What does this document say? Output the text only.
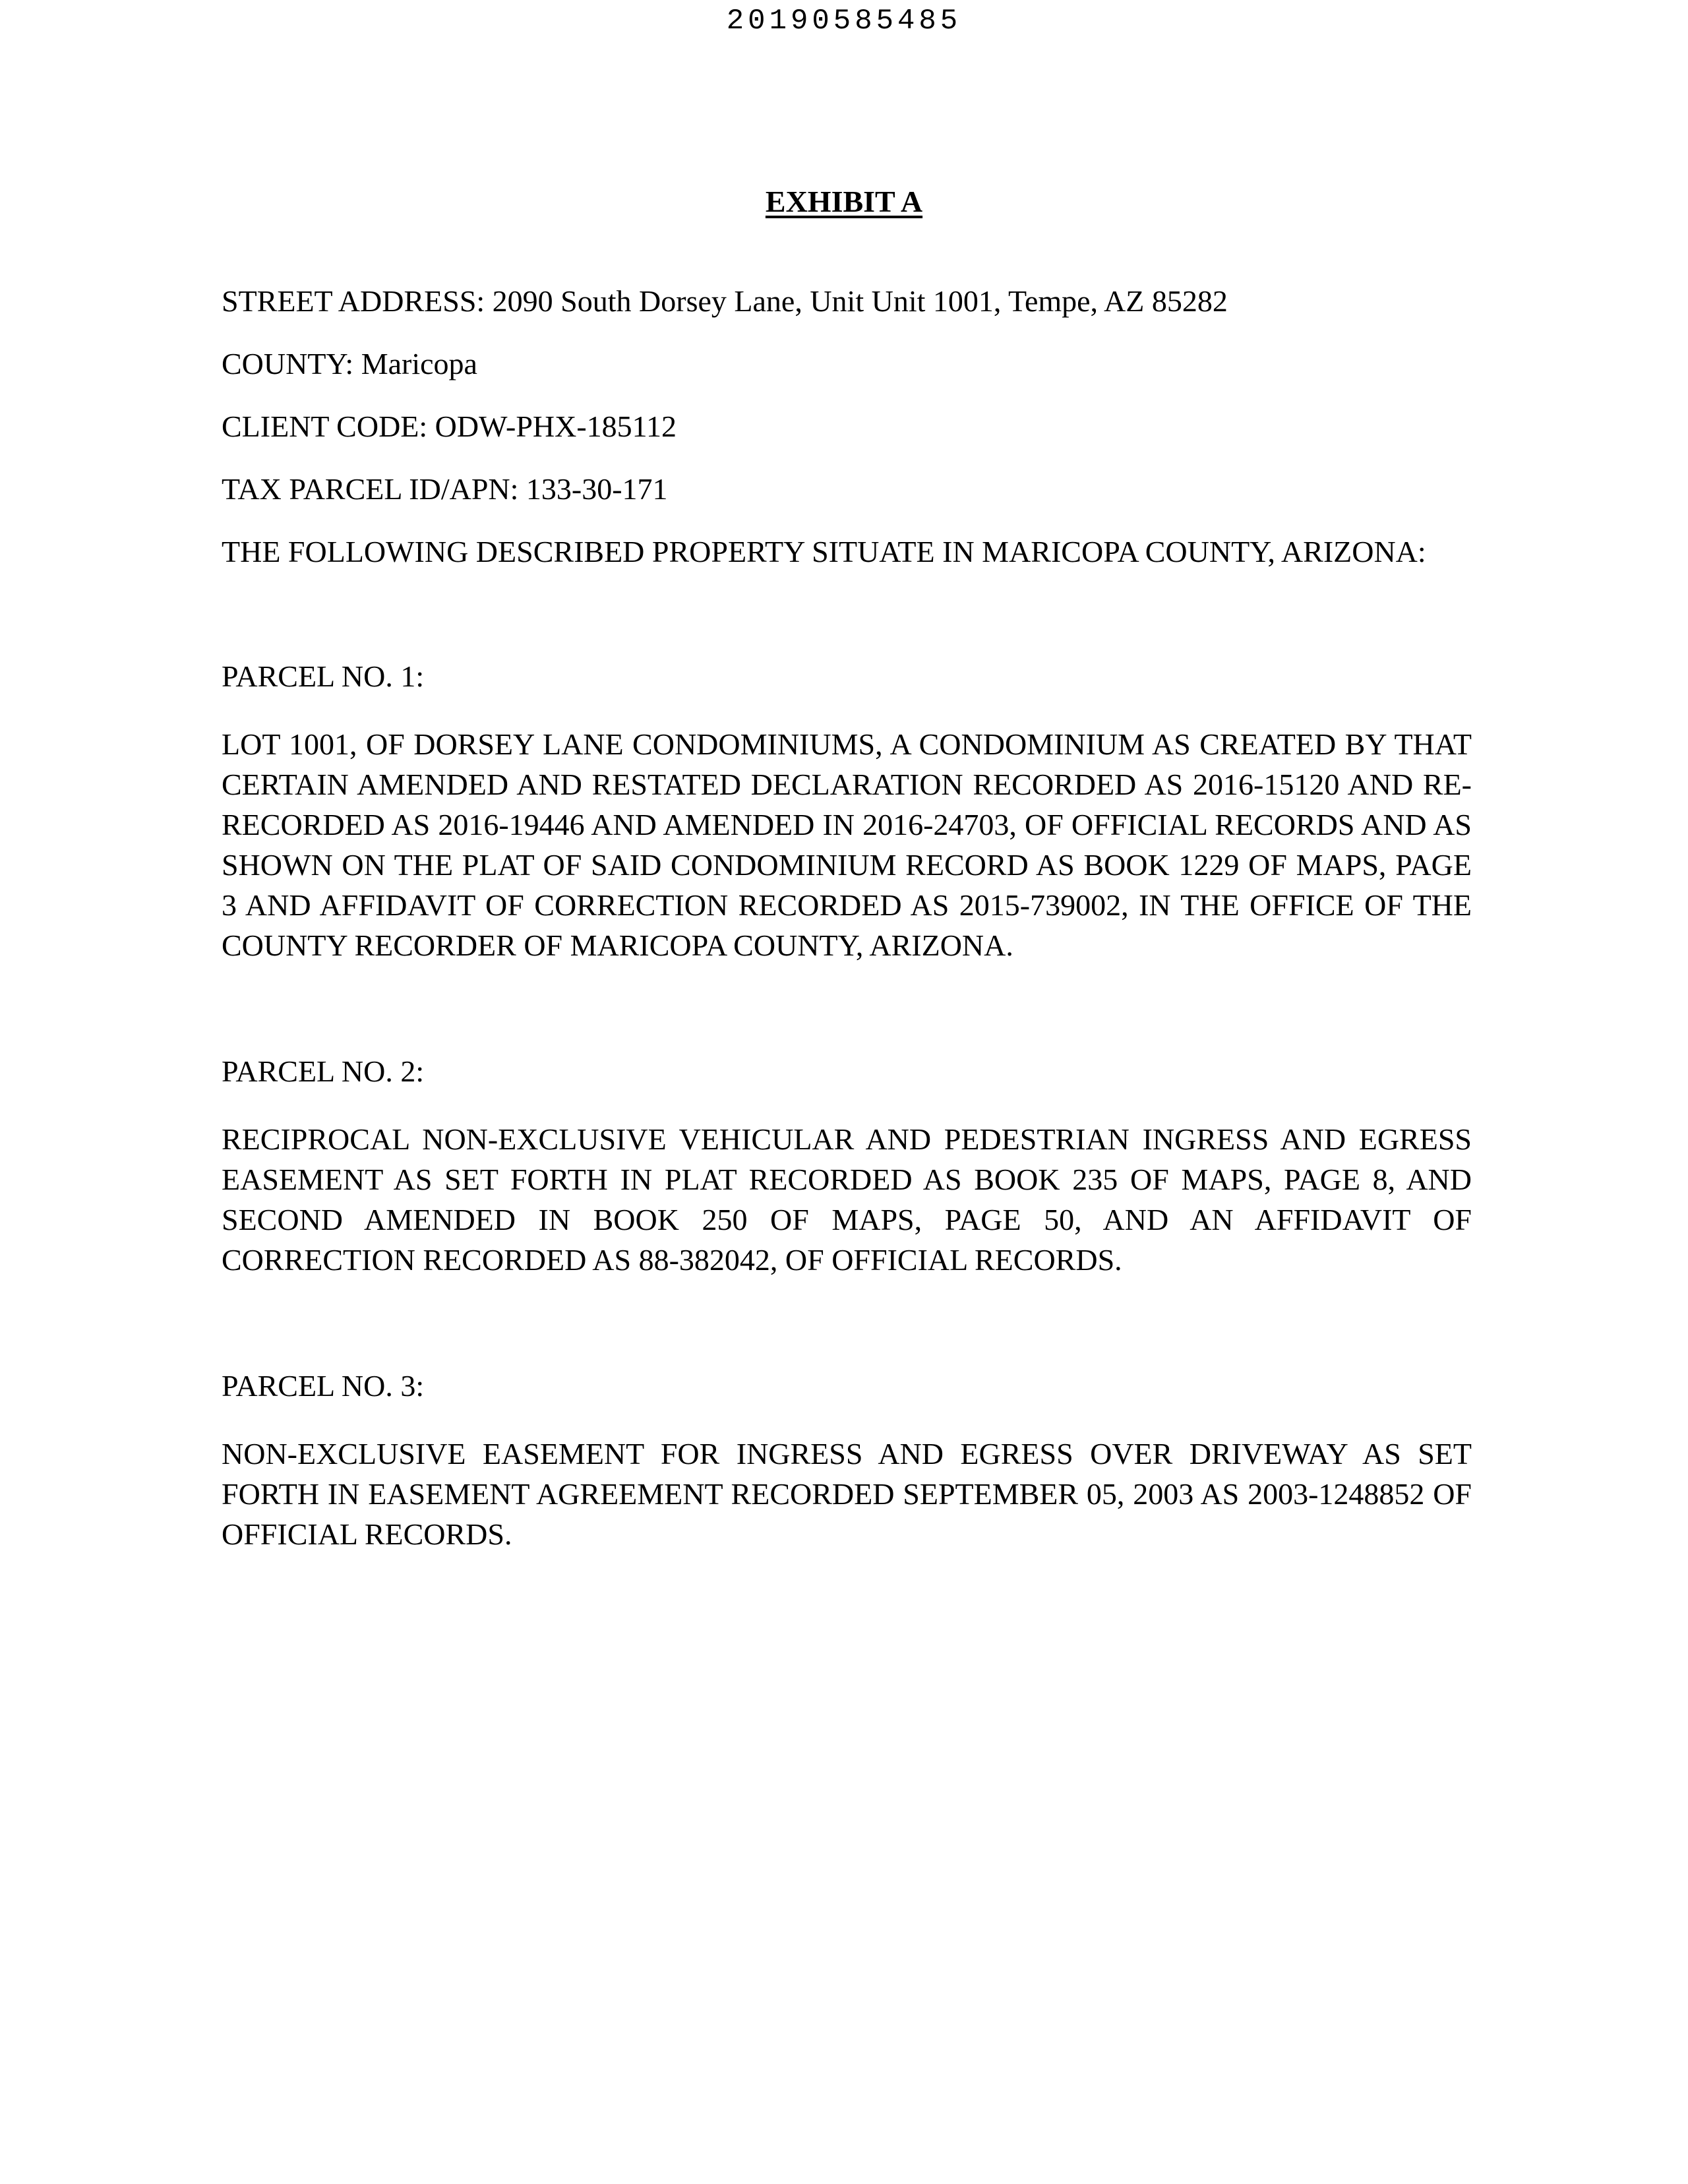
20190585485
EXHIBIT A

STREET ADDRESS: 2090 South Dorsey Lane, Unit Unit 1001, Tempe, AZ 85282

COUNTY: Maricopa

CLIENT CODE: ODW-PHX-185112

TAX PARCEL ID/APN: 133-30-171

THE FOLLOWING DESCRIBED PROPERTY SITUATE IN MARICOPA COUNTY, ARIZONA:

PARCEL NO. 1:

LOT 1001, OF DORSEY LANE CONDOMINIUMS, A CONDOMINIUM AS CREATED BY THAT CERTAIN AMENDED AND RESTATED DECLARATION RECORDED AS 2016-15120 AND RE-RECORDED AS 2016-19446 AND AMENDED IN 2016-24703, OF OFFICIAL RECORDS AND AS SHOWN ON THE PLAT OF SAID CONDOMINIUM RECORD AS BOOK 1229 OF MAPS, PAGE 3 AND AFFIDAVIT OF CORRECTION RECORDED AS 2015-739002, IN THE OFFICE OF THE COUNTY RECORDER OF MARICOPA COUNTY, ARIZONA.

PARCEL NO. 2:

RECIPROCAL NON-EXCLUSIVE VEHICULAR AND PEDESTRIAN INGRESS AND EGRESS EASEMENT AS SET FORTH IN PLAT RECORDED AS BOOK 235 OF MAPS, PAGE 8, AND SECOND AMENDED IN BOOK 250 OF MAPS, PAGE 50, AND AN AFFIDAVIT OF CORRECTION RECORDED AS 88-382042, OF OFFICIAL RECORDS.

PARCEL NO. 3:

NON-EXCLUSIVE EASEMENT FOR INGRESS AND EGRESS OVER DRIVEWAY AS SET FORTH IN EASEMENT AGREEMENT RECORDED SEPTEMBER 05, 2003 AS 2003-1248852 OF OFFICIAL RECORDS.
